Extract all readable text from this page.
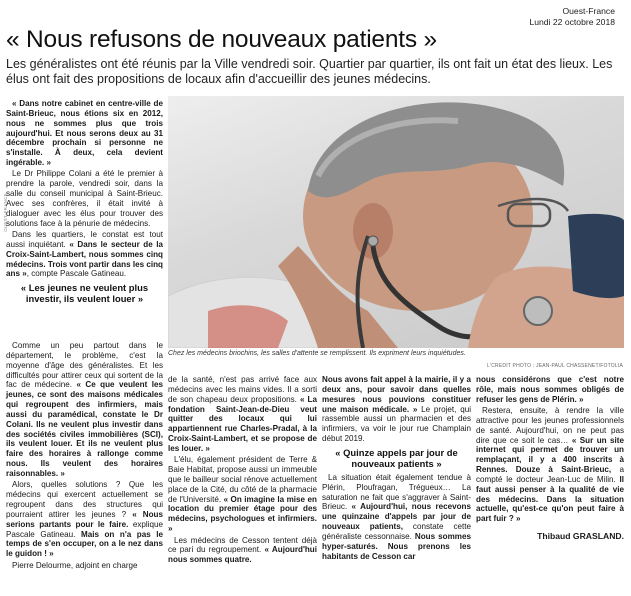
Ouest-France
Lundi 22 octobre 2018
« Nous refusons de nouveaux patients »
Les généralistes ont été réunis par la Ville vendredi soir. Quartier par quartier, ils ont fait un état des lieux. Les élus ont fait des propositions de locaux afin d'accueillir des jeunes médecins.
OUEST-FRANCE
Chez les médecins briochins, les salles d'attente se remplissent. Ils expriment leurs inquiétudes.
L'CREDIT PHOTO : JEAN-PAUL CHASSENET/FOTOLIA

« Dans notre cabinet en centre-ville de Saint-Brieuc, nous étions six en 2012, nous ne sommes plus que trois aujourd'hui. Et nous serons deux au 31 décembre prochain si personne ne s'installe. À deux, cela devient ingérable. »

Le Dr Philippe Colani a été le premier à prendre la parole, vendredi soir, dans la salle du conseil municipal à Saint-Brieuc. Avec ses confrères, il était invité à dialoguer avec les élus pour trouver des solutions face à la pénurie de médecins.

Dans les quartiers, le constat est tout aussi inquiétant. « Dans le secteur de la Croix-Saint-Lambert, nous sommes cinq médecins. Trois vont partir dans les cinq ans », compte Pascale Gatineau.

« Les jeunes ne veulent plus investir, ils veulent louer »

Comme un peu partout dans le département, le problème, c'est la moyenne d'âge des généralistes. Et les difficultés pour attirer ceux qui sortent de la fac de médecine. « Ce que veulent les jeunes, ce sont des maisons médicales qui regroupent des infirmiers, mais aussi du paramédical, constate le Dr Colani. Ils ne veulent plus investir dans des sociétés civiles immobilières (SCI), ils veulent louer. Et ils ne veulent plus faire des horaires à rallonge comme nous. Ils veulent des horaires raisonnables. »

Alors, quelles solutions ? Que les médecins qui exercent actuellement se regroupent dans des structures qui pourraient attirer les jeunes ? « Nous serions partants pour le faire. explique Pascale Gatineau. Mais on n'a pas le temps de s'en occuper, on a le nez dans le guidon ! »

Pierre Delourme, adjoint en charge

de la santé, n'est pas arrivé face aux médecins avec les mains vides. Il a sorti de son chapeau deux propositions. « La fondation Saint-Jean-de-Dieu veut quitter des locaux qui lui appartiennent rue Charles-Pradal, à la Croix-Saint-Lambert, et se propose de les louer. »

L'élu, également président de Terre & Baie Habitat, propose aussi un immeuble que le bailleur social rénove actuellement place de la Cité, du côté de la pharmacie de l'Université. « On imagine la mise en location du premier étage pour des médecins, psychologues et infirmiers. »

Les médecins de Cesson tentent déjà ce pari du regroupement. « Aujourd'hui nous sommes quatre.

Nous avons fait appel à la mairie, il y a deux ans, pour savoir dans quelles mesures nous pouvions constituer une maison médicale. » Le projet, qui rassemble aussi un pharmacien et des infirmiers, va voir le jour rue Champlain début 2019.

« Quinze appels par jour de nouveaux patients »

La situation était également tendue à Plérin, Ploufragan, Trégueux… La saturation ne fait que s'aggraver à Saint-Brieuc. « Aujourd'hui, nous recevons une quinzaine d'appels par jour de nouveaux patients, constate cette généraliste cessonnaise. Nous sommes hyper-saturés. Nous prenons les habitants de Cesson car

nous considérons que c'est notre rôle, mais nous sommes obligés de refuser les gens de Plérin. »

Restera, ensuite, à rendre la ville attractive pour les jeunes professionnels de santé. Aujourd'hui, on ne peut pas dire que ce soit le cas… « Sur un site internet qui permet de trouver un remplaçant, il y a 400 inscrits à Rennes. Douze à Saint-Brieuc, a compté le docteur Jean-Luc de Milin. Il faut aussi penser à la qualité de vie des médecins. Dans la situation actuelle, qu'est-ce qu'on peut faire à part fuir ? »

Thibaud GRASLAND.
